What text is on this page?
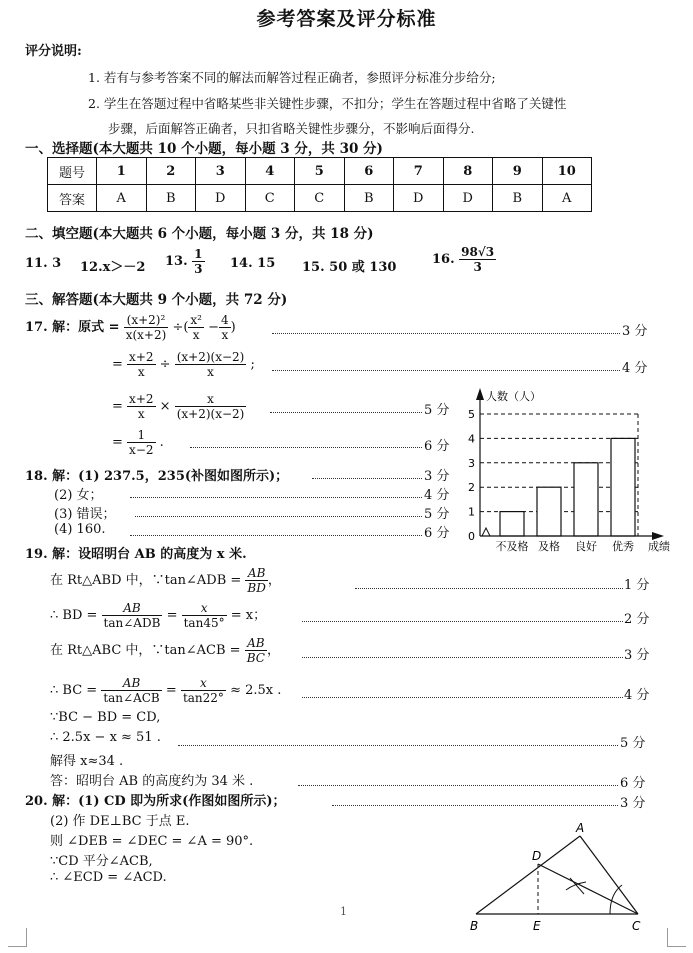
参考答案及评分标准
评分说明:
1. 若有与参考答案不同的解法而解答过程正确者，参照评分标准分步给分;
2. 学生在答题过程中省略某些非关键性步骤，不扣分；学生在答题过程中省略了关键性
步骤，后面解答正确者，只扣省略关键性步骤分，不影响后面得分.
一、选择题(本大题共 10 个小题，每小题 3 分，共 30 分)
题号	1	2	3	4	5	6	7	8	9	10
答案	A	B	D	C	C	B	D	D	B	A
二、填空题(本大题共 6 个小题，每小题 3 分，共 18 分)
11. 3 12.x＞－2 13. $\frac{1}{3} 14$. 15 15. 50 或 130
16. $\frac{98√3}{3}$
三、解答题(本大题共 9 个小题，共 72 分)
17. 解：原式 = $\frac{\text{(x+2)²}}{x(x+2)}$ ÷( $\frac{\text{x²}}{x} - \frac{4}{x}$ )	3 分
= $\frac{x+2}{x} \div \frac{(x+2)(x-2)}{x}$ ;	4 分
= $\frac{x+2}{x} \times \frac{x}{(x+2)(x-2)}$	5 分
= $\frac{1}{x-2}$ .	6 分
18. 解：(1) 237.5，235(补图如图所示)；	3 分
(2) 女；	4 分
(3) 错误；	5 分
(4) 160.	6 分 0
1
2
3
4
5
不及格 及格 良好 优秀
人数（人）
成绩
19. 解：设昭明台 AB 的高度为 x 米.
在 Rt△ABD 中，∵tan∠ADB = $\frac{AB}{BD}$ ，	1 分
∴ BD = $\frac{AB}{\text{tan∠ADB}} = \frac{x}{\tan 45^\circ} = x$；	2 分
在 Rt△ABC 中，∵tan∠ACB = $\frac{AB}{BC}$ ，	3 分
∴ BC = $\frac{AB}{\text{tan∠ACB}} = \frac{x}{\tan 22^\circ} \approx 2.5x$ .	4 分
∵BC − BD = CD,
∴ 2.5x − x ≈ 51 .	5 分
解得 x≈34 .
答：昭明台 AB 的高度约为 34 米 .	6 分
20. 解：(1) CD 即为所求(作图如图所示)；	3 分
(2) 作 DE⊥BC 于点 E.
则 ∠DEB = ∠DEC = ∠A = 90°.
∵CD 平分∠ACB,
∴ ∠ECD = ∠ACD.
A
B	C
D
E
1
